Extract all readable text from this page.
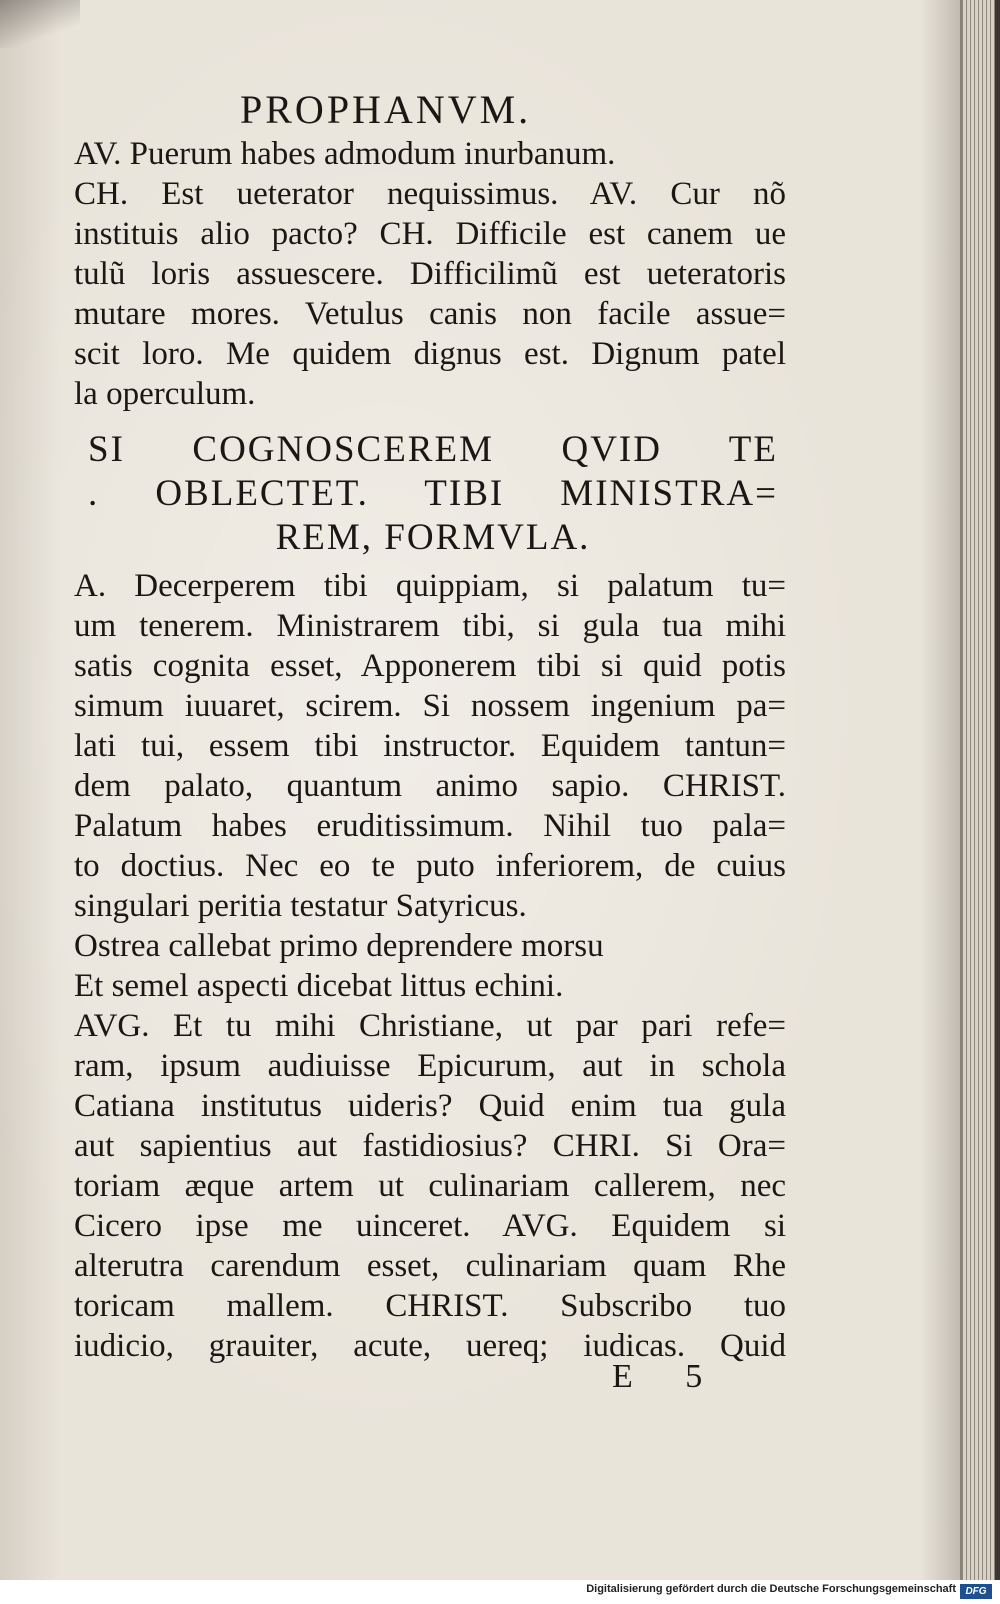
PROPHANVM.
AV. Puerum habes admodum inurbanum.
CH. Est ueterator nequissimus. AV. Cur nõ
instituis alio pacto? CH. Difficile est canem ue
tulũ loris assuescere. Difficilimũ est ueteratoris
mutare mores. Vetulus canis non facile assue=
scit loro. Me quidem dignus est. Dignum patel
la operculum.
SI COGNOSCEREM QVID TE
. OBLECTET. TIBI MINISTRA=
REM, FORMVLA.
A. Decerperem tibi quippiam, si palatum tu=
um tenerem. Ministrarem tibi, si gula tua mihi
satis cognita esset, Apponerem tibi si quid potis
simum iuuaret, scirem. Si nossem ingenium pa=
lati tui, essem tibi instructor. Equidem tantun=
dem palato, quantum animo sapio. CHRIST.
Palatum habes eruditissimum. Nihil tuo pala=
to doctius. Nec eo te puto inferiorem, de cuius
singulari peritia testatur Satyricus.
Ostrea callebat primo deprendere morsu
Et semel aspecti dicebat littus echini.
AVG. Et tu mihi Christiane, ut par pari refe=
ram, ipsum audiuisse Epicurum, aut in schola
Catiana institutus uideris? Quid enim tua gula
aut sapientius aut fastidiosius? CHRI. Si Ora=
toriam æque artem ut culinariam callerem, nec
Cicero ipse me uinceret. AVG. Equidem si
alterutra carendum esset, culinariam quam Rhe
toricam mallem. CHRIST. Subscribo tuo
iudicio, grauiter, acute, uereq; iudicas. Quid
E 5
Digitalisierung gefördert durch die Deutsche Forschungsgemeinschaft DFG
